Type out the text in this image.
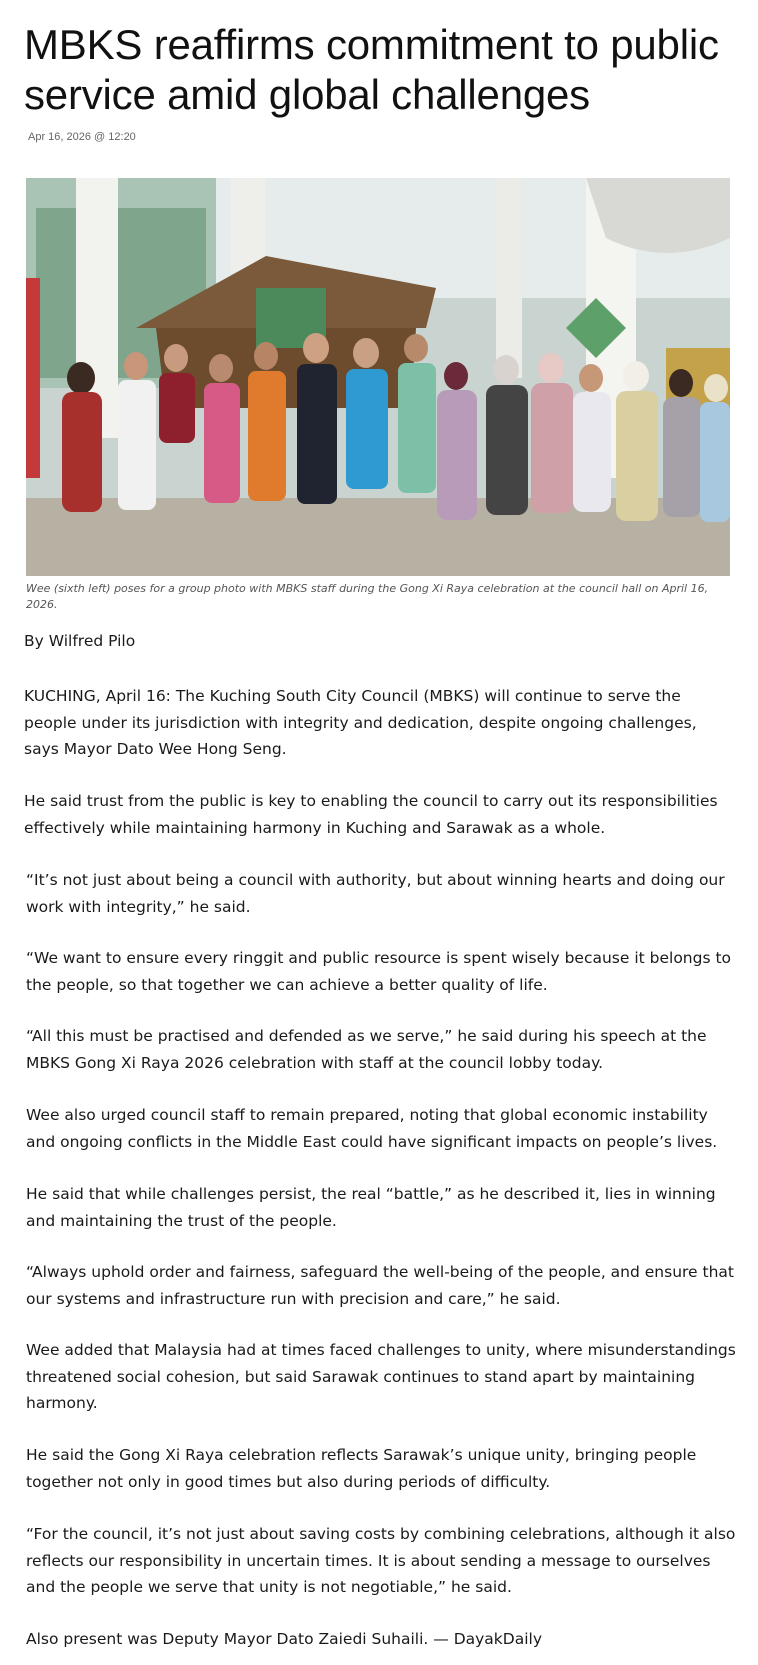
MBKS reaffirms commitment to public service amid global challenges
Apr 16, 2026 @ 12:20

Wee (sixth left) poses for a group photo with MBKS staff during the Gong Xi Raya celebration at the council hall on April 16, 2026.

By Wilfred Pilo

KUCHING, April 16: The Kuching South City Council (MBKS) will continue to serve the people under its jurisdiction with integrity and dedication, despite ongoing challenges, says Mayor Dato Wee Hong Seng.

He said trust from the public is key to enabling the council to carry out its responsibilities effectively while maintaining harmony in Kuching and Sarawak as a whole.

“It’s not just about being a council with authority, but about winning hearts and doing our work with integrity,” he said.

“We want to ensure every ringgit and public resource is spent wisely because it belongs to the people, so that together we can achieve a better quality of life.

“All this must be practised and defended as we serve,” he said during his speech at the MBKS Gong Xi Raya 2026 celebration with staff at the council lobby today.

Wee also urged council staff to remain prepared, noting that global economic instability and ongoing conflicts in the Middle East could have significant impacts on people’s lives.

He said that while challenges persist, the real “battle,” as he described it, lies in winning and maintaining the trust of the people.

“Always uphold order and fairness, safeguard the well-being of the people, and ensure that our systems and infrastructure run with precision and care,” he said.

Wee added that Malaysia had at times faced challenges to unity, where misunderstandings threatened social cohesion, but said Sarawak continues to stand apart by maintaining harmony.

He said the Gong Xi Raya celebration reflects Sarawak’s unique unity, bringing people together not only in good times but also during periods of difficulty.

“For the council, it’s not just about saving costs by combining celebrations, although it also reflects our responsibility in uncertain times. It is about sending a message to ourselves and the people we serve that unity is not negotiable,” he said.

Also present was Deputy Mayor Dato Zaiedi Suhaili. — DayakDaily
